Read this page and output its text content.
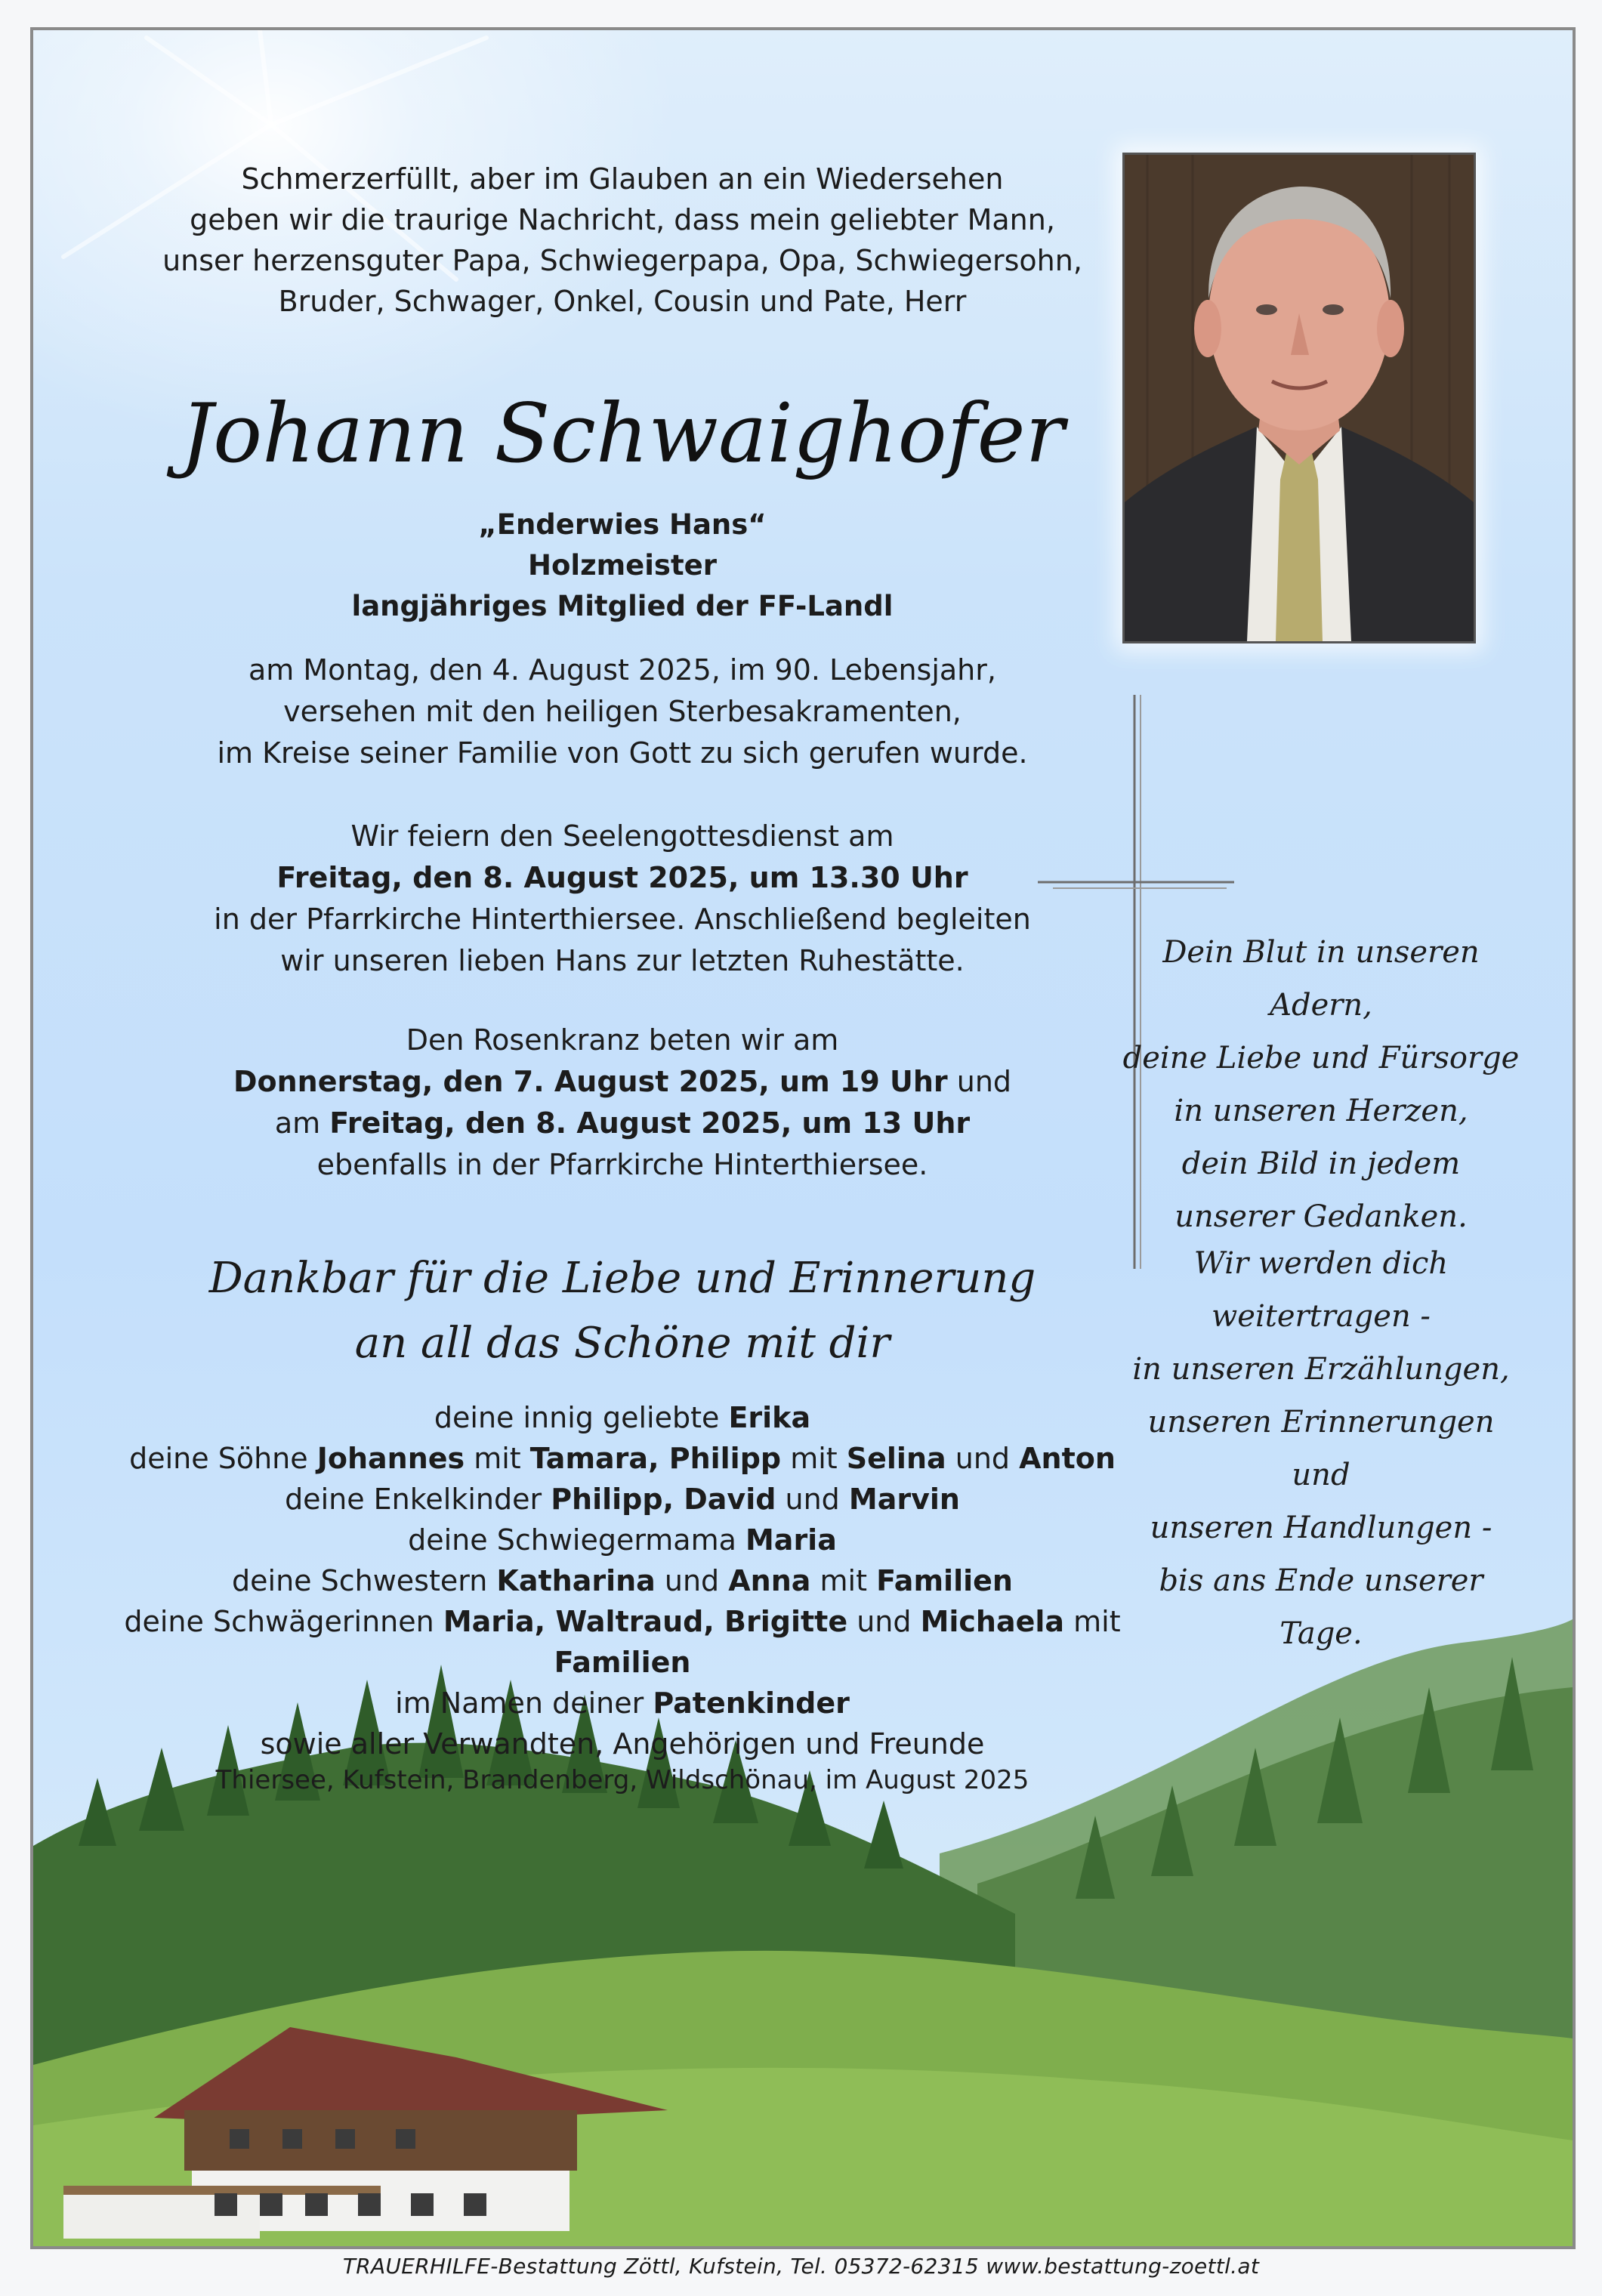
Schmerzerfüllt, aber im Glauben an ein Wiedersehen
geben wir die traurige Nachricht, dass mein geliebter Mann,
unser herzensguter Papa, Schwiegerpapa, Opa, Schwiegersohn,
Bruder, Schwager, Onkel, Cousin und Pate, Herr
Johann Schwaighofer
„Enderwies Hans“
Holzmeister
langjähriges Mitglied der FF-Landl
am Montag, den 4. August 2025, im 90. Lebensjahr,
versehen mit den heiligen Sterbesakramenten,
im Kreise seiner Familie von Gott zu sich gerufen wurde.
Wir feiern den Seelengottesdienst am
Freitag, den 8. August 2025, um 13.30 Uhr
in der Pfarrkirche Hinterthiersee. Anschließend begleiten
wir unseren lieben Hans zur letzten Ruhestätte.
Den Rosenkranz beten wir am
Donnerstag, den 7. August 2025, um 19 Uhr und
am Freitag, den 8. August 2025, um 13 Uhr
ebenfalls in der Pfarrkirche Hinterthiersee.
Dankbar für die Liebe und Erinnerung
an all das Schöne mit dir
deine innig geliebte Erika
deine Söhne Johannes mit Tamara, Philipp mit Selina und Anton
deine Enkelkinder Philipp, David und Marvin
deine Schwiegermama Maria
deine Schwestern Katharina und Anna mit Familien
deine Schwägerinnen Maria, Waltraud, Brigitte und Michaela mit Familien
im Namen deiner Patenkinder
sowie aller Verwandten, Angehörigen und Freunde
Thiersee, Kufstein, Brandenberg, Wildschönau, im August 2025
Dein Blut in unseren Adern,
deine Liebe und Fürsorge
in unseren Herzen,
dein Bild in jedem
unserer Gedanken.
Wir werden dich
weitertragen -
in unseren Erzählungen,
unseren Erinnerungen und
unseren Handlungen -
bis ans Ende unserer Tage.
TRAUERHILFE-Bestattung Zöttl, Kufstein, Tel. 05372-62315 www.bestattung-zoettl.at
